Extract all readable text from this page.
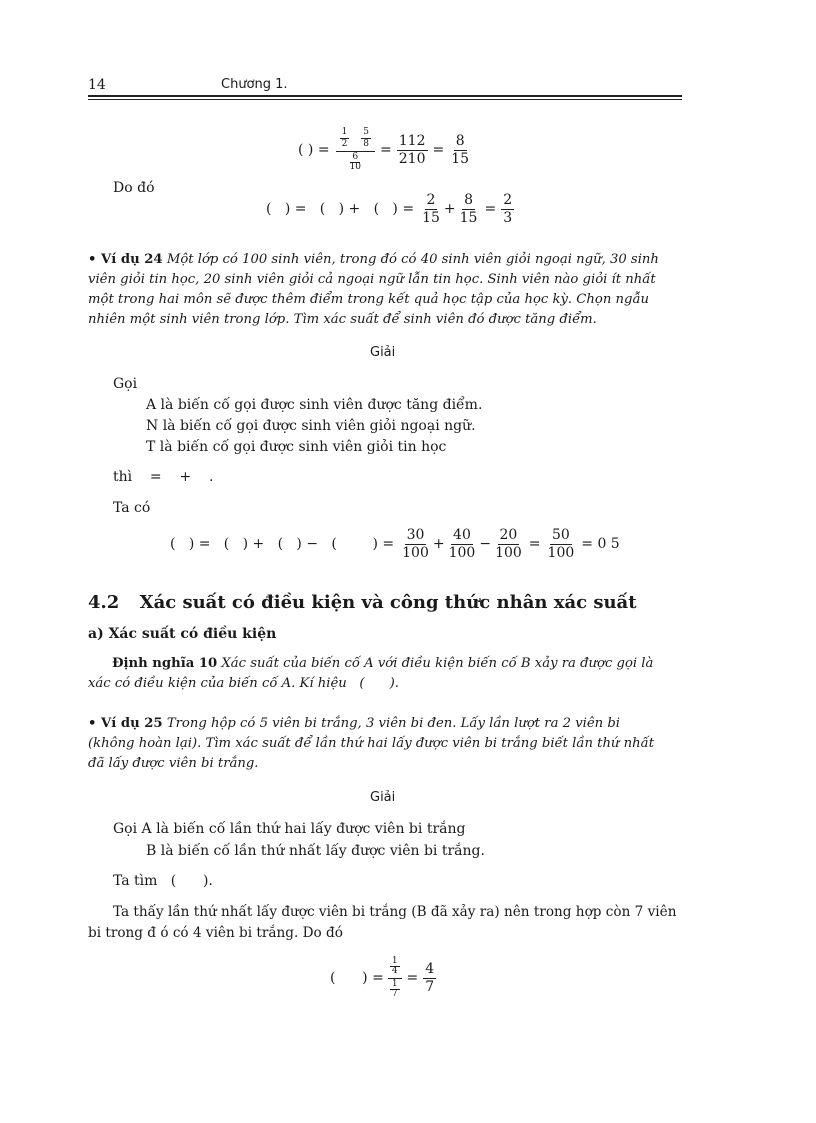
14	Chương 1.
( ) = $\frac{\frac{1}{2} \frac{5}{8}}{\frac{6}{10}} = \frac{112}{210} = \frac{8}{15}$
Do đó
(   ) =   (   ) +   (   ) = $\frac{2}{15} + \frac{8}{15} = \frac{2}{3}$
• Ví dụ 24 Một lớp có 100 sinh viên, trong đó có 40 sinh viên giỏi ngoại ngữ, 30 sinh
viên giỏi tin học, 20 sinh viên giỏi cả ngoại ngữ lẫn tin học. Sinh viên nào giỏi ít nhất
một trong hai môn sẽ được thêm điểm trong kết quả học tập của học kỳ. Chọn ngẫu
nhiên một sinh viên trong lớp. Tìm xác suất để sinh viên đó được tăng điểm.
Giải
Gọi
A là biến cố gọi được sinh viên được tăng điểm.
N là biến cố gọi được sinh viên giỏi ngoại ngữ.
T là biến cố gọi được sinh viên giỏi tin học
thì    =    +    .
Ta có
(   ) =   (   ) +   (   ) −   (        ) = $\frac{30}{100} + \frac{40}{100} - \frac{20}{100} = \frac{50}{100} = 0$ 5
4.2 Xác suất có điều kiện và công thức nhân xác suất
a) Xác suất có điều kiện
Định nghĩa 10 Xác suất của biến cố A với điều kiện biến cố B xảy ra được gọi là
xác có điều kiện của biến cố A. Kí hiệu   (      ).
• Ví dụ 25 Trong hộp có 5 viên bi trắng, 3 viên bi đen. Lấy lần lượt ra 2 viên bi
(không hoàn lại). Tìm xác suất để lần thứ hai lấy được viên bi trắng biết lần thứ nhất
đã lấy được viên bi trắng.
Giải
Gọi A là biến cố lần thứ hai lấy được viên bi trắng
B là biến cố lần thứ nhất lấy được viên bi trắng.
Ta tìm   (      ).
Ta thấy lần thứ nhất lấy được viên bi trắng (B đã xảy ra) nên trong hợp còn 7 viên
bi trong đ ó có 4 viên bi trắng. Do đó
(      ) = $\frac{\frac{1}{4}}{\frac{1}{7}} = \frac{4}{7}$
